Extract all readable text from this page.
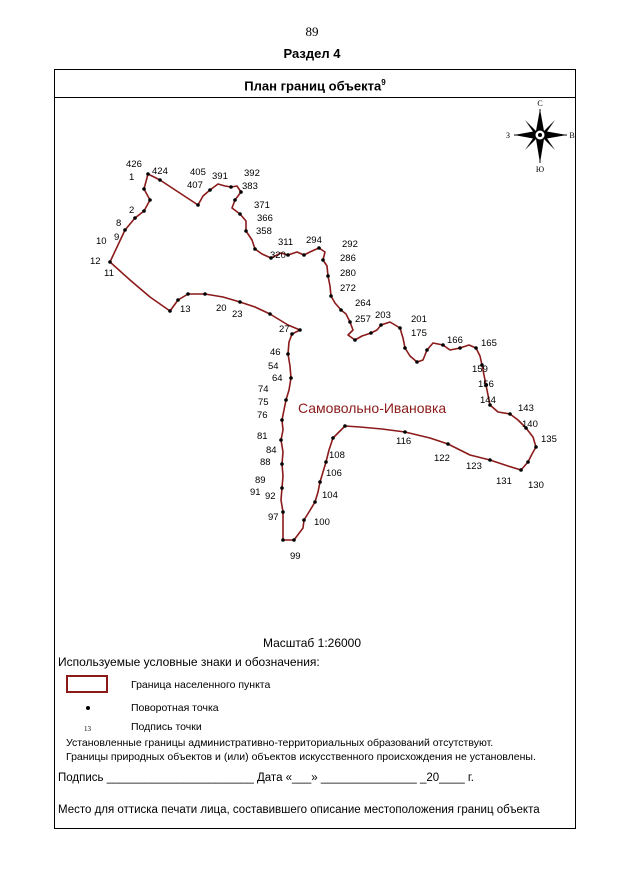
89
Раздел 4
План границ объекта$^9$
С
Ю
З	В
426
1
424 405
407
391 392
383
371
366
358
311 294 292
286
320
280
272
264
257 203 201
175
166 165
159
156
144
143
140
135
130
131
123
122
116
108
106
104
100
99
97
92
91
89
88
84
81
76
75
74
64
54
46
27
23
20
13
12
11
10 9
8
2
Самовольно-Ивановка
Масштаб 1:26000
Используемые условные знаки и обозначения:
Граница населенного пункта
Поворотная точка
13	Подпись точки
Установленные границы административно-территориальных образований отсутствуют.
Границы природных объектов и (или) объектов искусственного происхождения не установлены.
Подпись _______________________ Дата «___» _______________ _20____ г.
Место для оттиска печати лица, составившего описание местоположения границ объекта
